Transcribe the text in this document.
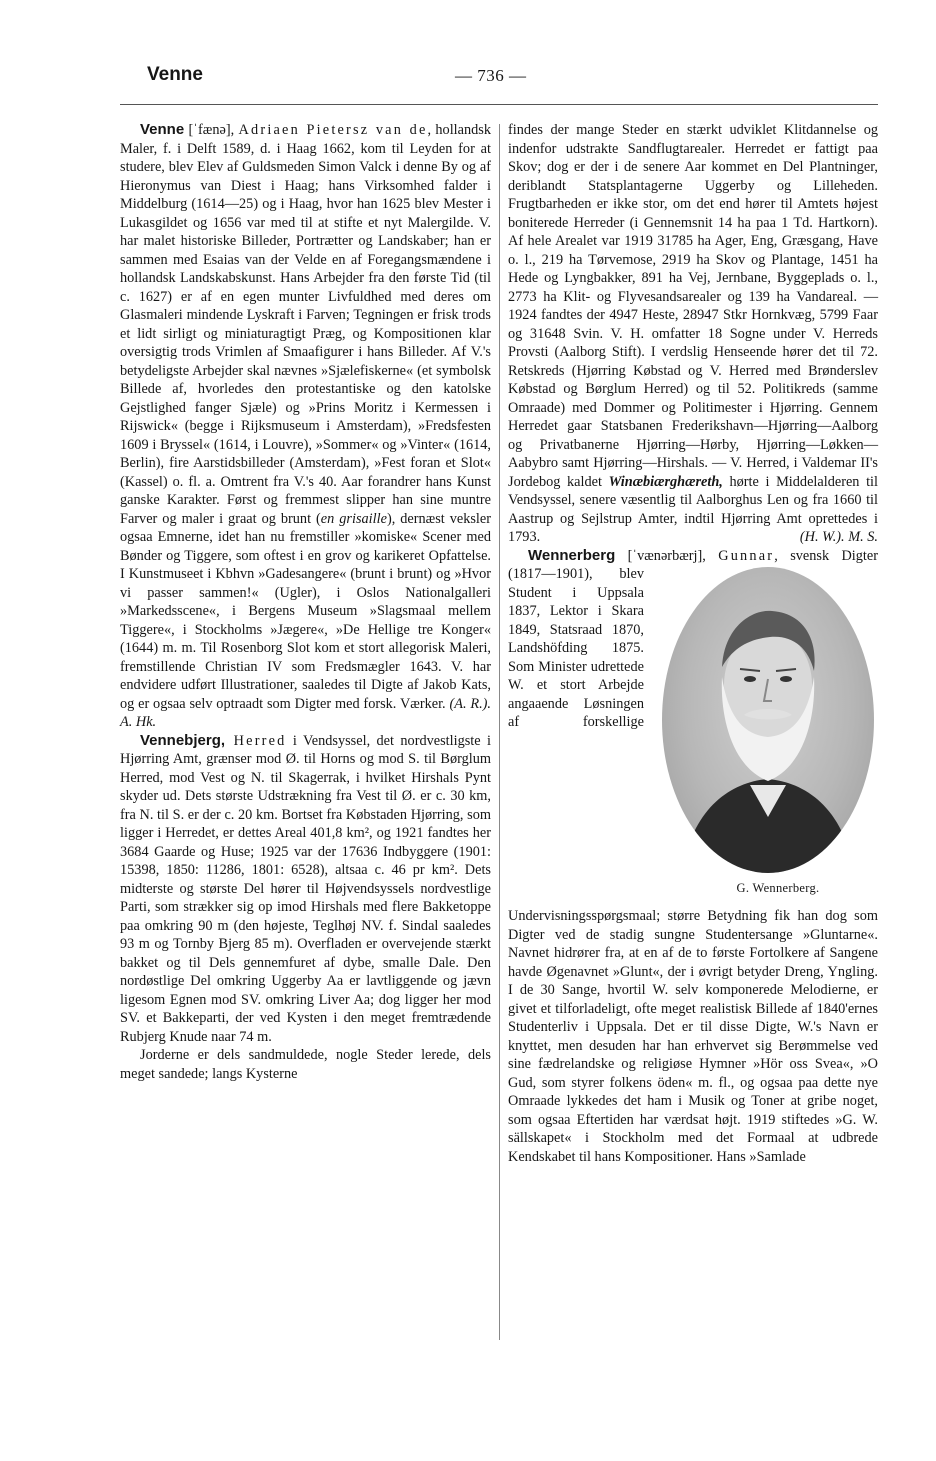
Venne	— 736 —

Venne [ˈfænə], Adriaen Pietersz van de, hollandsk Maler, f. i Delft 1589, d. i Haag 1662, kom til Leyden for at studere, blev Elev af Guldsmeden Simon Valck i denne By og af Hieronymus van Diest i Haag; hans Virksomhed falder i Middelburg (1614—25) og i Haag, hvor han 1625 blev Mester i Lukasgildet og 1656 var med til at stifte et nyt Malergilde. V. har malet historiske Billeder, Portrætter og Landskaber; han er sammen med Esaias van der Velde en af Foregangsmændene i hollandsk Landskabskunst. Hans Arbejder fra den første Tid (til c. 1627) er af en egen munter Livfuldhed med deres om Glasmaleri mindende Lyskraft i Farven; Tegningen er frisk trods et lidt sirligt og miniaturagtigt Præg, og Kompositionen klar oversigtig trods Vrimlen af Smaafigurer i hans Billeder. Af V.'s betydeligste Arbejder skal nævnes »Sjælefiskerne« (et symbolsk Billede af, hvorledes den protestantiske og den katolske Gejstlighed fanger Sjæle) og »Prins Moritz i Kermessen i Rijswick« (begge i Rijksmuseum i Amsterdam), »Fredsfesten 1609 i Bryssel« (1614, i Louvre), »Sommer« og »Vinter« (1614, Berlin), fire Aarstidsbilleder (Amsterdam), »Fest foran et Slot« (Kassel) o. fl. a. Omtrent fra V.'s 40. Aar forandrer hans Kunst ganske Karakter. Først og fremmest slipper han sine muntre Farver og maler i graat og brunt (en grisaille), dernæst veksler ogsaa Emnerne, idet han nu fremstiller »komiske« Scener med Bønder og Tiggere, som oftest i en grov og karikeret Opfattelse. I Kunstmuseet i Kbhvn »Gadesangere« (brunt i brunt) og »Hvor vi passer sammen!« (Ugler), i Oslos Nationalgalleri »Markedsscene«, i Bergens Museum »Slagsmaal mellem Tiggere«, i Stockholms »Jægere«, »De Hellige tre Konger« (1644) m. m. Til Rosenborg Slot kom et stort allegorisk Maleri, fremstillende Christian IV som Fredsmægler 1643. V. har endvidere udført Illustrationer, saaledes til Digte af Jakob Kats, og er ogsaa selv optraadt som Digter med forsk. Værker. (A. R.). A. Hk.

Vennebjerg, Herred i Vendsyssel, det nordvestligste i Hjørring Amt, grænser mod Ø. til Horns og mod S. til Børglum Herred, mod Vest og N. til Skagerrak, i hvilket Hirshals Pynt skyder ud. Dets største Udstrækning fra Vest til Ø. er c. 30 km, fra N. til S. er der c. 20 km. Bortset fra Købstaden Hjørring, som ligger i Herredet, er dettes Areal 401,8 km², og 1921 fandtes her 3684 Gaarde og Huse; 1925 var der 17636 Indbyggere (1901: 15398, 1850: 11286, 1801: 6528), altsaa c. 46 pr km². Dets midterste og største Del hører til Højvendsyssels nordvestlige Parti, som strækker sig op imod Hirshals med flere Bakketoppe paa omkring 90 m (den højeste, Teglhøj NV. f. Sindal saaledes 93 m og Tornby Bjerg 85 m). Overfladen er overvejende stærkt bakket og til Dels gennemfuret af dybe, smalle Dale. Den nordøstlige Del omkring Uggerby Aa er lavtliggende og jævn ligesom Egnen mod SV. omkring Liver Aa; dog ligger her mod SV. et Bakkeparti, der ved Kysten i den meget fremtrædende Rubjerg Knude naar 74 m.

Jorderne er dels sandmuldede, nogle Steder lerede, dels meget sandede; langs Kysterne

findes der mange Steder en stærkt udviklet Klitdannelse og indenfor udstrakte Sandflugtarealer. Herredet er fattigt paa Skov; dog er der i de senere Aar kommet en Del Plantninger, deriblandt Statsplantagerne Uggerby og Lilleheden. Frugtbarheden er ikke stor, om det end hører til Amtets højest boniterede Herreder (i Gennemsnit 14 ha paa 1 Td. Hartkorn). Af hele Arealet var 1919 31785 ha Ager, Eng, Græsgang, Have o. l., 219 ha Tørvemose, 2919 ha Skov og Plantage, 1451 ha Hede og Lyngbakker, 891 ha Vej, Jernbane, Byggeplads o. l., 2773 ha Klit- og Flyvesandsarealer og 139 ha Vandareal. — 1924 fandtes der 4947 Heste, 28947 Stkr Hornkvæg, 5799 Faar og 31648 Svin. V. H. omfatter 18 Sogne under V. Herreds Provsti (Aalborg Stift). I verdslig Henseende hører det til 72. Retskreds (Hjørring Købstad og V. Herred med Brønderslev Købstad og Børglum Herred) og til 52. Politikreds (samme Omraade) med Dommer og Politimester i Hjørring. Gennem Herredet gaar Statsbanen Frederikshavn—Hjørring—Aalborg og Privatbanerne Hjørring—Hørby, Hjørring—Løkken—Aabybro samt Hjørring—Hirshals. — V. Herred, i Valdemar II's Jordebog kaldet Winæbiærghæreth, hørte i Middelalderen til Vendsyssel, senere væsentlig til Aalborghus Len og fra 1660 til Aastrup og Sejlstrup Amter, indtil Hjørring Amt oprettedes i 1793.	(H. W.). M. S.

Wennerberg [ˈvænərbærj], Gunnar
G. Wennerberg.
, svensk Digter (1817—1901), blev Student i Uppsala 1837, Lektor i Skara 1849, Statsraad 1870, Landshöfding 1875. Som Minister udrettede W. et stort Arbejde angaaende Løsningen af forskellige Undervisningsspørgsmaal; større Betydning fik han dog som Digter ved de stadig sungne Studentersange »Gluntarne«. Navnet hidrører fra, at en af de to første Fortolkere af Sangene havde Øgenavnet »Glunt«, der i øvrigt betyder Dreng, Yngling. I de 30 Sange, hvortil W. selv komponerede Melodierne, er givet et tilforladeligt, ofte meget realistisk Billede af 1840'ernes Studenterliv i Uppsala. Det er til disse Digte, W.'s Navn er knyttet, men desuden har han erhvervet sig Berømmelse ved sine fædrelandske og religiøse Hymner »Hör oss Svea«, »O Gud, som styrer folkens öden« m. fl., og ogsaa paa dette nye Omraade lykkedes det ham i Musik og Toner at gribe noget, som ogsaa Eftertiden har værdsat højt. 1919 stiftedes »G. W. sällskapet« i Stockholm med det Formaal at udbrede Kendskabet til hans Kompositioner. Hans »Samlade
